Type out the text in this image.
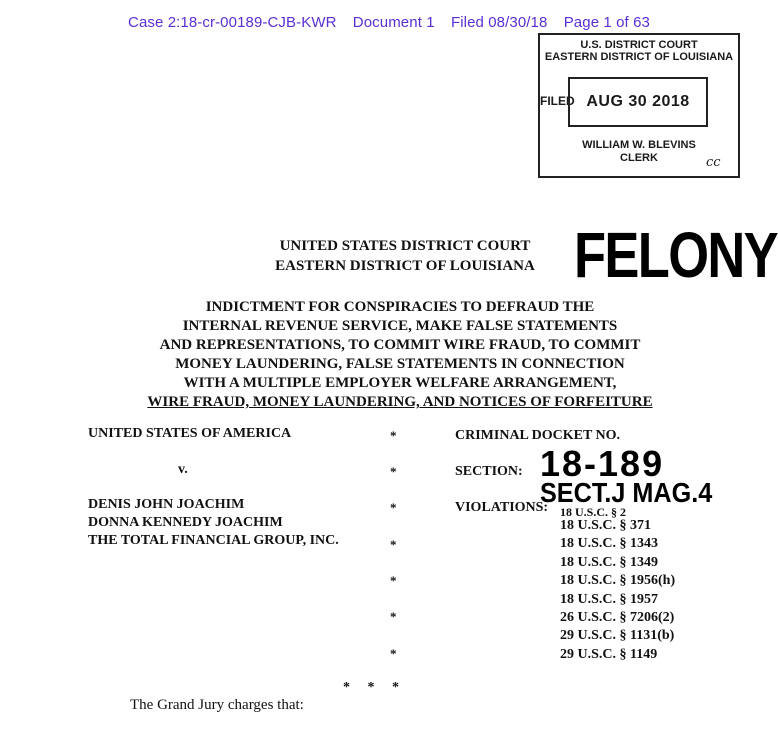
Case 2:18-cr-00189-CJB-KWR Document 1 Filed 08/30/18 Page 1 of 63
U.S. DISTRICT COURT
EASTERN DISTRICT OF LOUISIANA
FILED AUG 30 2018
WILLIAM W. BLEVINS
CLERK	cc
UNITED STATES DISTRICT COURT
EASTERN DISTRICT OF LOUISIANA FELONY
INDICTMENT FOR CONSPIRACIES TO DEFRAUD THE
INTERNAL REVENUE SERVICE, MAKE FALSE STATEMENTS
AND REPRESENTATIONS, TO COMMIT WIRE FRAUD, TO COMMIT
MONEY LAUNDERING, FALSE STATEMENTS IN CONNECTION
WITH A MULTIPLE EMPLOYER WELFARE ARRANGEMENT,
WIRE FRAUD, MONEY LAUNDERING, AND NOTICES OF FORFEITURE
UNITED STATES OF AMERICA
v.
DENIS JOHN JOACHIM
DONNA KENNEDY JOACHIM
THE TOTAL FINANCIAL GROUP, INC.
*
*
*
*
*
*
*
CRIMINAL DOCKET NO.
SECTION:
VIOLATIONS:
18-189
18 U.S.C. § 2
SECT.J MAG.4
18 U.S.C. § 371
18 U.S.C. § 1343
18 U.S.C. § 1349
18 U.S.C. § 1956(h)
18 U.S.C. § 1957
26 U.S.C. § 7206(2)
29 U.S.C. § 1131(b)
29 U.S.C. § 1149
*     *     *
The Grand Jury charges that:
